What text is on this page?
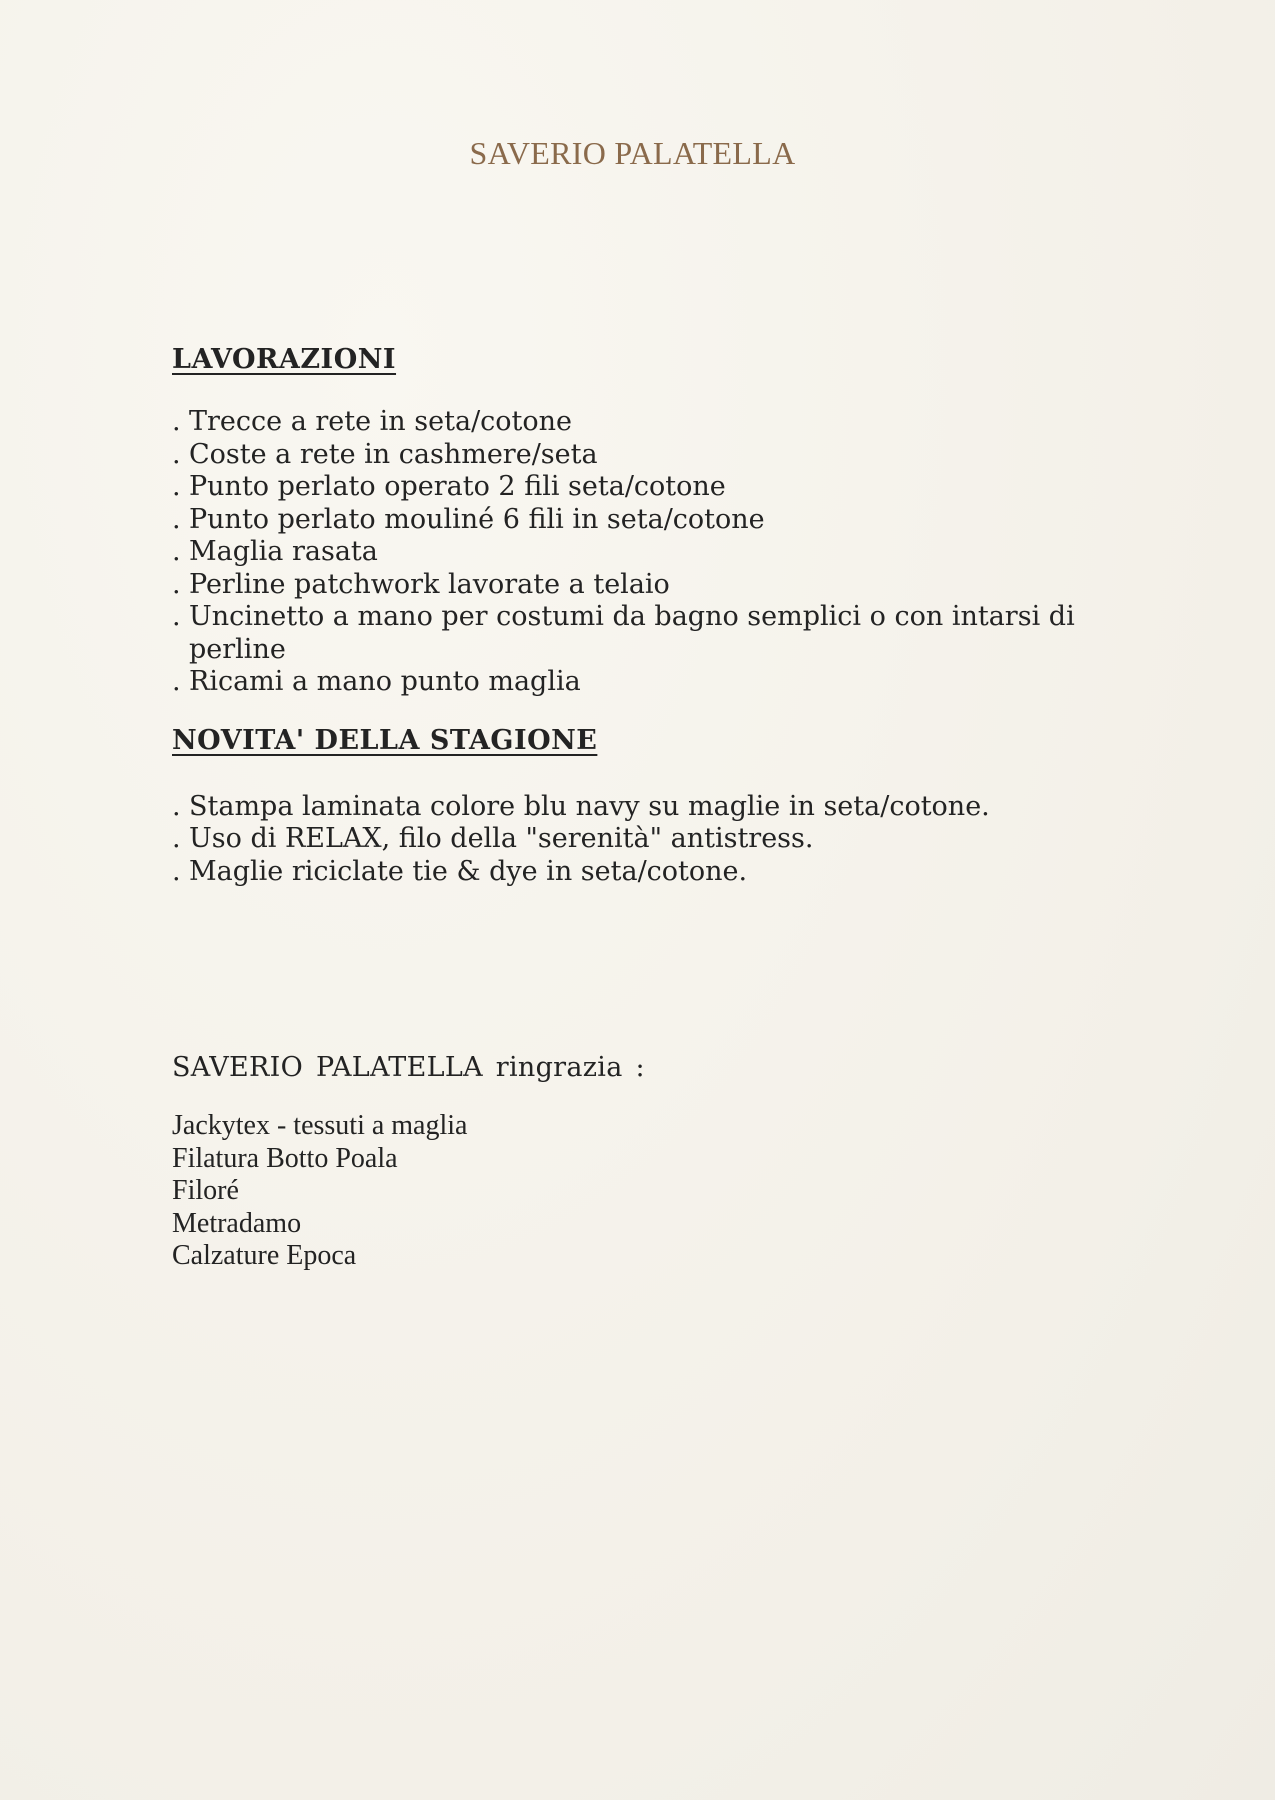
SAVERIO PALATELLA
LAVORAZIONI
. Trecce a rete in seta/cotone
. Coste a rete in cashmere/seta
. Punto perlato operato 2 fili seta/cotone
. Punto perlato mouliné 6 fili in seta/cotone
. Maglia rasata
. Perline patchwork lavorate a telaio
. Uncinetto a mano per costumi da bagno semplici o con intarsi di perline
. Ricami a mano punto maglia
NOVITA' DELLA STAGIONE
. Stampa laminata colore blu navy su maglie in seta/cotone.
. Uso di RELAX, filo della "serenità" antistress.
. Maglie riciclate tie & dye in seta/cotone.
SAVERIO PALATELLA ringrazia :
Jackytex - tessuti a maglia
Filatura Botto Poala
Filoré
Metradamo
Calzature Epoca
